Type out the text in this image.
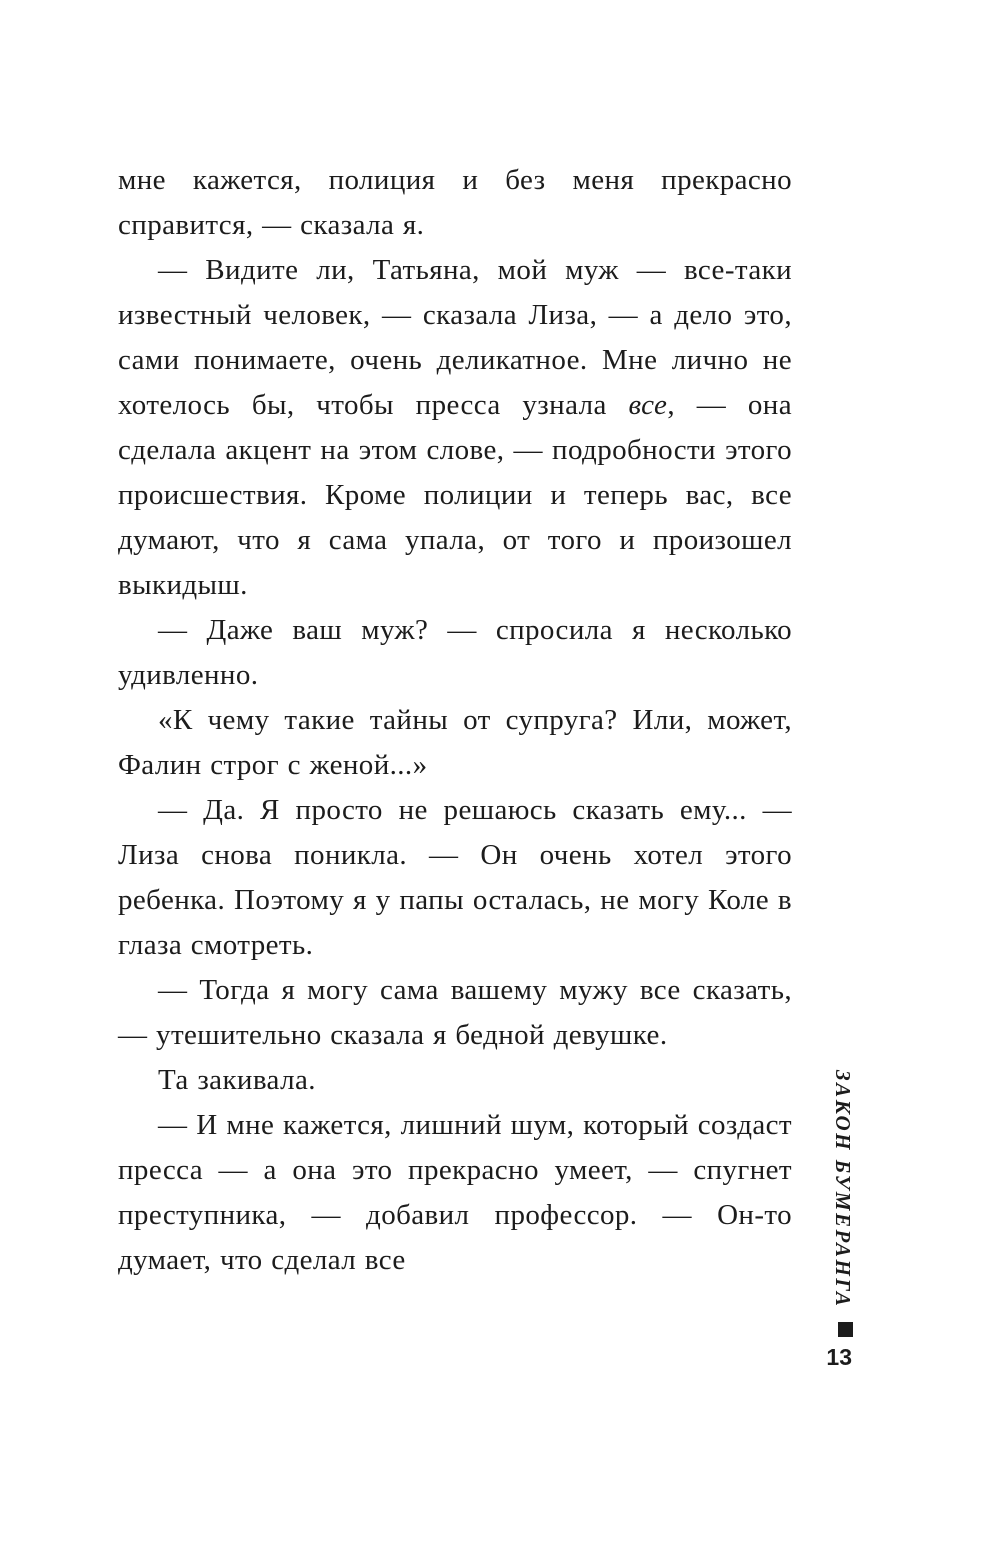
мне кажется, полиция и без меня прекрасно справится, — сказала я.

— Видите ли, Татьяна, мой муж — все-таки известный человек, — сказала Лиза, — а дело это, сами понимаете, очень деликатное. Мне лично не хотелось бы, чтобы пресса узнала все, — она сделала акцент на этом слове, — подробности этого происшествия. Кроме полиции и теперь вас, все думают, что я сама упала, от того и произошел выкидыш.

— Даже ваш муж? — спросила я несколько удивленно.

«К чему такие тайны от супруга? Или, может, Фалин строг с женой...»

— Да. Я просто не решаюсь сказать ему... — Лиза снова поникла. — Он очень хотел этого ребенка. Поэтому я у папы осталась, не могу Коле в глаза смотреть.

— Тогда я могу сама вашему мужу все сказать, — утешительно сказала я бедной девушке.

Та закивала.

— И мне кажется, лишний шум, который создаст пресса — а она это прекрасно умеет, — спугнет преступника, — добавил профессор. — Он-то думает, что сделал все	ЗАКОН БУМЕРАНГА
13
